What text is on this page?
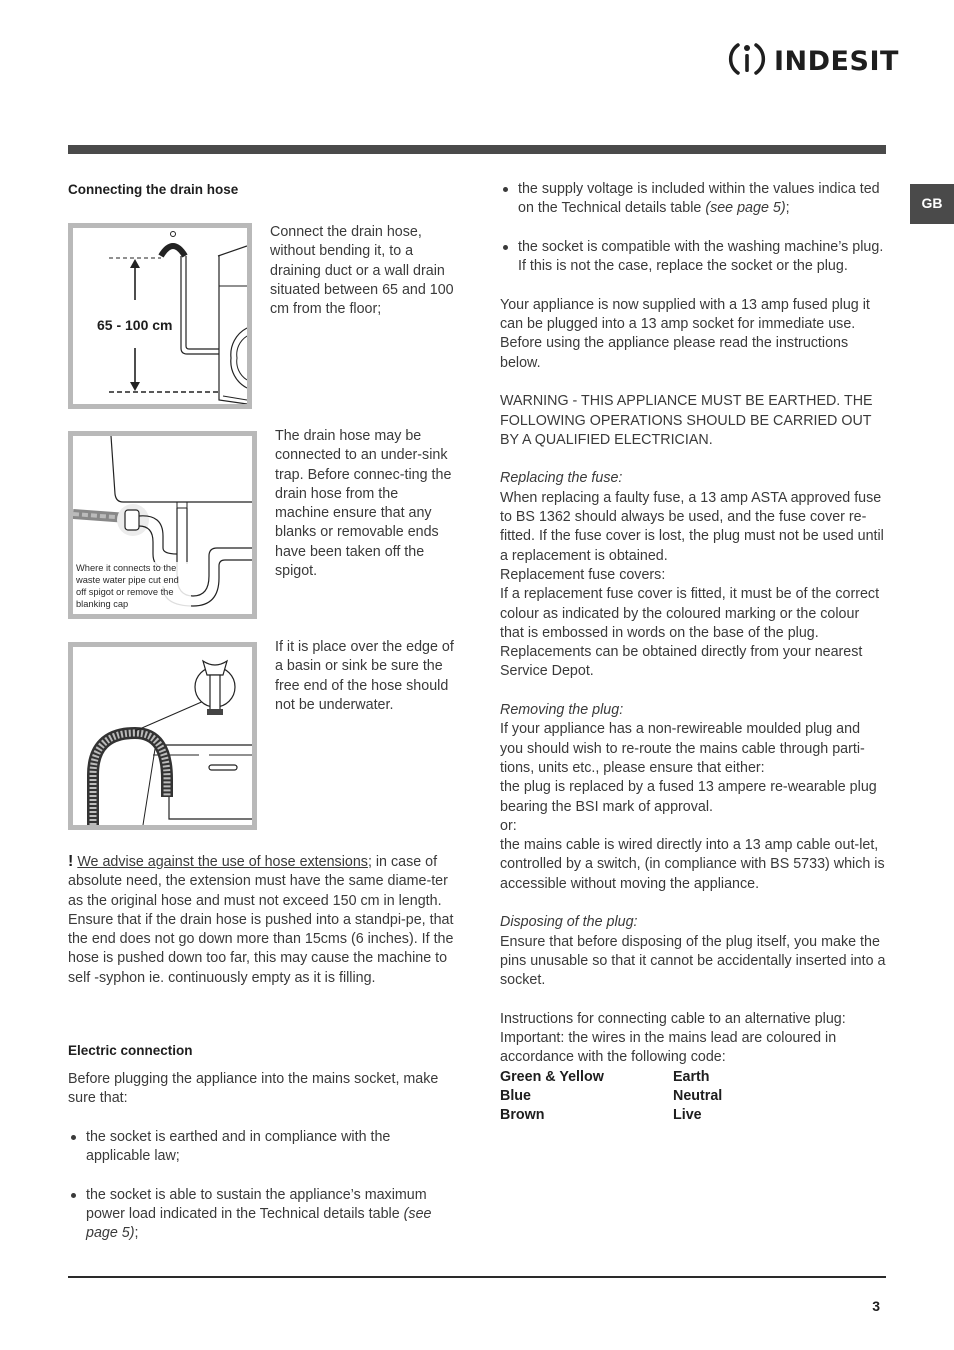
INDESIT
GB
Connecting the drain hose
65 - 100 cm
Connect the drain hose, without bending it, to a draining duct or a wall drain situated between 65 and 100 cm from the floor;
Where it connects to the waste water pipe cut end off spigot or remove the blanking cap
The drain hose may be connected to an under-sink trap. Before connec-ting the drain hose from the machine ensure that any blanks or removable ends have been taken off the spigot.
If it is place over the edge of a basin or sink be sure the free end of the hose should not be underwater.

! We advise against the use of hose extensions; in case of absolute need, the extension must have the same diame-ter as the original hose and must not exceed 150 cm in length.

Ensure that if the drain hose is pushed into a standpi-pe, that the end does not go down more than 15cms (6 inches). If the hose is pushed down too far, this may cause the machine to self -syphon ie. continuously empty as it is filling.

Electric connection

Before plugging the appliance into the mains socket, make sure that:

the socket is earthed and in compliance with the applicable law;
the socket is able to sustain the appliance’s maximum power load indicated in the Technical details table (see page 5);
the supply voltage is included within the values indica ted on the Technical details table (see page 5);
the socket is compatible with the washing machine’s plug. If this is not the case, replace the socket or the plug.

Your appliance is now supplied with a 13 amp fused plug it can be plugged into a 13 amp socket for immediate use. Before using the appliance please read the instructions below.

WARNING - THIS APPLIANCE MUST BE EARTHED. THE FOLLOWING OPERATIONS SHOULD BE CARRIED OUT BY A QUALIFIED ELECTRICIAN.

Replacing the fuse:

When replacing a faulty fuse, a 13 amp ASTA approved fuse to BS 1362 should always be used, and the fuse cover re-fitted. If the fuse cover is lost, the plug must not be used until a replacement is obtained.

Replacement fuse covers:

If a replacement fuse cover is fitted, it must be of the correct colour as indicated by the coloured marking or the colour that is embossed in words on the base of the plug. Replacements can be obtained directly from your nearest Service Depot.

Removing the plug:

If your appliance has a non-rewireable moulded plug and you should wish to re-route the mains cable through parti-tions, units etc., please ensure that either:

the plug is replaced by a fused 13 ampere re-wearable plug bearing the BSI mark of approval.

or:

the mains cable is wired directly into a 13 amp cable out-let, controlled by a switch, (in compliance with BS 5733) which is accessible without moving the appliance.

Disposing of the plug:

Ensure that before disposing of the plug itself, you make the pins unusable so that it cannot be accidentally inserted into a socket.

Instructions for connecting cable to an alternative plug:

Important: the wires in the mains lead are coloured in accordance with the following code:

Green & Yellow	Earth
Blue	Neutral
Brown	Live
3
